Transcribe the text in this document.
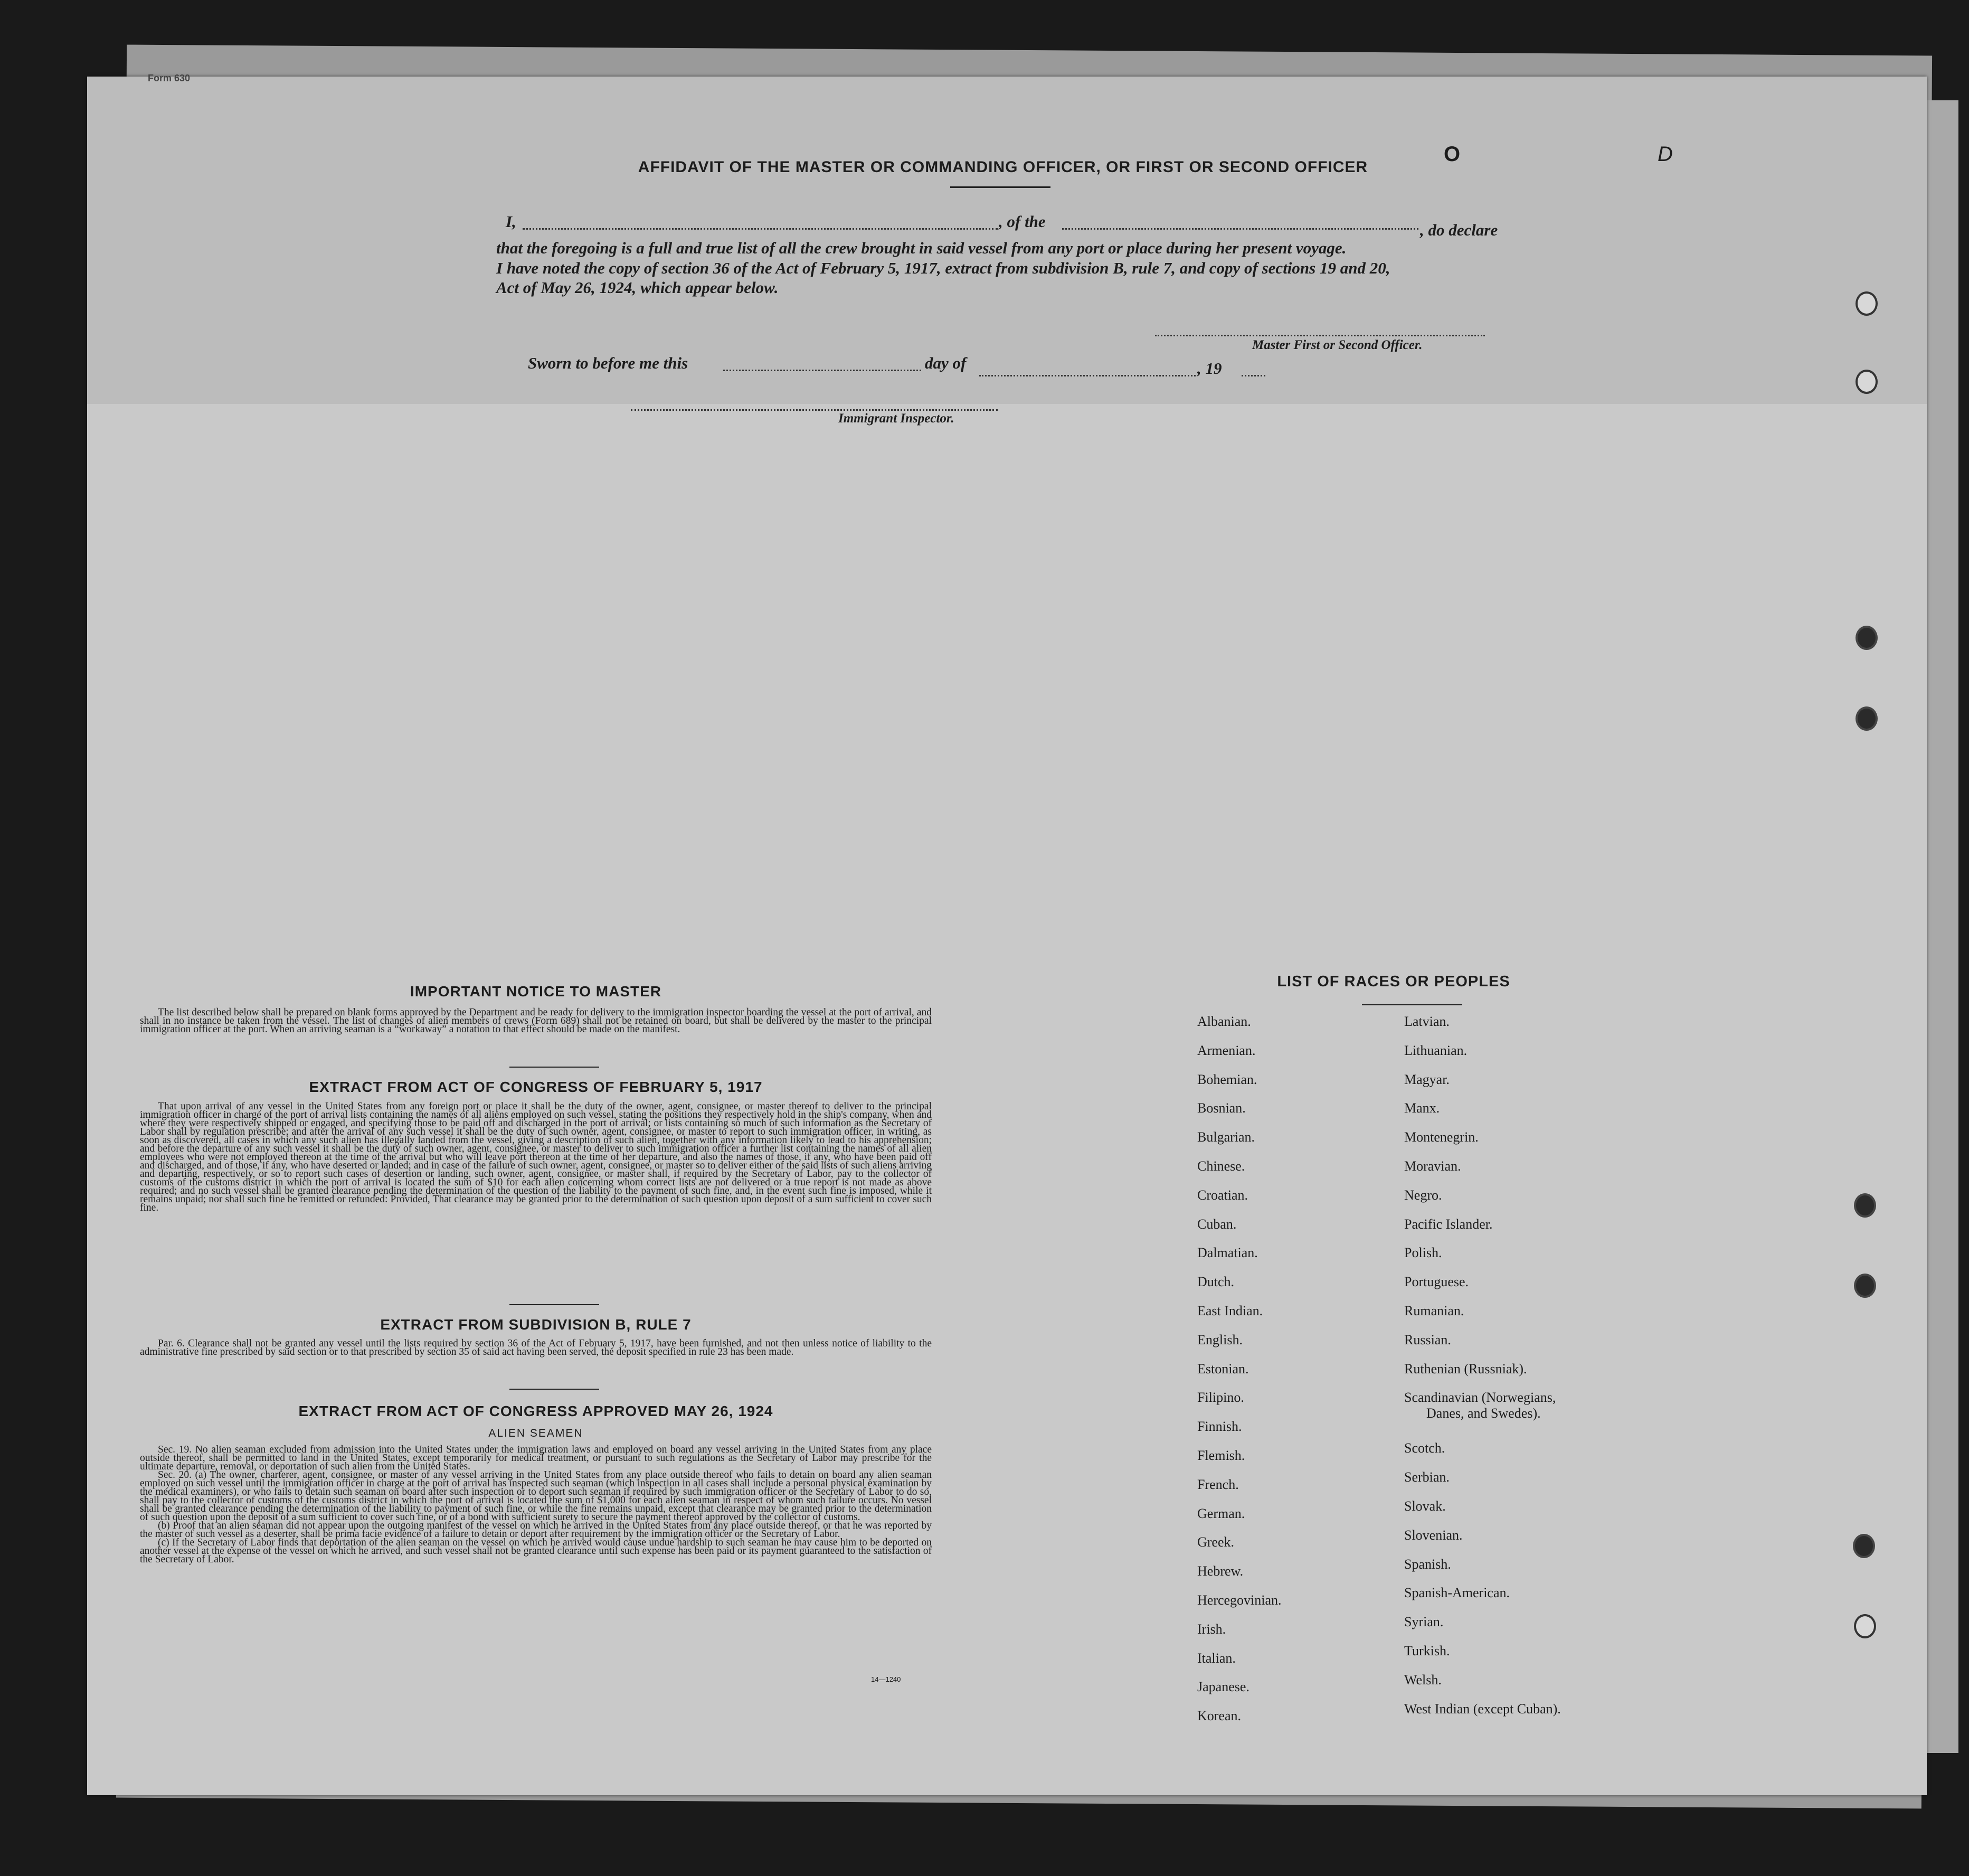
Form 630
O	D
AFFIDAVIT OF THE MASTER OR COMMANDING OFFICER, OR FIRST OR SECOND OFFICER
I,	, of the	, do declare
that the foregoing is a full and true list of all the crew brought in said vessel from any port or place during her present voyage.
I have noted the copy of section 36 of the Act of February 5, 1917, extract from subdivision B, rule 7, and copy of sections 19 and 20,
Act of May 26, 1924, which appear below.
Master First or Second Officer.
Sworn to before me this	day of	, 19
Immigrant Inspector.
IMPORTANT NOTICE TO MASTER

The list described below shall be prepared on blank forms approved by the Department and be ready for delivery to the immigration inspector boarding the vessel at the port of arrival, and shall in no instance be taken from the vessel. The list of changes of alien members of crews (Form 689) shall not be retained on board, but shall be delivered by the master to the principal immigration officer at the port. When an arriving seaman is a “workaway” a notation to that effect should be made on the manifest.

EXTRACT FROM ACT OF CONGRESS OF FEBRUARY 5, 1917

That upon arrival of any vessel in the United States from any foreign port or place it shall be the duty of the owner, agent, consignee, or master thereof to deliver to the principal immigration officer in charge of the port of arrival lists containing the names of all aliens employed on such vessel, stating the positions they respectively hold in the ship's company, when and where they were respectively shipped or engaged, and specifying those to be paid off and discharged in the port of arrival; or lists containing so much of such information as the Secretary of Labor shall by regulation prescribe; and after the arrival of any such vessel it shall be the duty of such owner, agent, consignee, or master to report to such immigration officer, in writing, as soon as discovered, all cases in which any such alien has illegally landed from the vessel, giving a description of such alien, together with any information likely to lead to his apprehension; and before the departure of any such vessel it shall be the duty of such owner, agent, consignee, or master to deliver to such immigration officer a further list containing the names of all alien employees who were not employed thereon at the time of the arrival but who will leave port thereon at the time of her departure, and also the names of those, if any, who have been paid off and discharged, and of those, if any, who have deserted or landed; and in case of the failure of such owner, agent, consignee, or master so to deliver either of the said lists of such aliens arriving and departing, respectively, or so to report such cases of desertion or landing, such owner, agent, consignee, or master shall, if required by the Secretary of Labor, pay to the collector of customs of the customs district in which the port of arrival is located the sum of $10 for each alien concerning whom correct lists are not delivered or a true report is not made as above required; and no such vessel shall be granted clearance pending the determination of the question of the liability to the payment of such fine, and, in the event such fine is imposed, while it remains unpaid; nor shall such fine be remitted or refunded: Provided, That clearance may be granted prior to the determination of such question upon deposit of a sum sufficient to cover such fine.

EXTRACT FROM SUBDIVISION B, RULE 7

Par. 6. Clearance shall not be granted any vessel until the lists required by section 36 of the Act of February 5, 1917, have been furnished, and not then unless notice of liability to the administrative fine prescribed by said section or to that prescribed by section 35 of said act having been served, the deposit specified in rule 23 has been made.

EXTRACT FROM ACT OF CONGRESS APPROVED MAY 26, 1924
ALIEN SEAMEN

Sec. 19. No alien seaman excluded from admission into the United States under the immigration laws and employed on board any vessel arriving in the United States from any place outside thereof, shall be permitted to land in the United States, except temporarily for medical treatment, or pursuant to such regulations as the Secretary of Labor may prescribe for the ultimate departure, removal, or deportation of such alien from the United States.

Sec. 20. (a) The owner, charterer, agent, consignee, or master of any vessel arriving in the United States from any place outside thereof who fails to detain on board any alien seaman employed on such vessel until the immigration officer in charge at the port of arrival has inspected such seaman (which inspection in all cases shall include a personal physical examination by the medical examiners), or who fails to detain such seaman on board after such inspection or to deport such seaman if required by such immigration officer or the Secretary of Labor to do so, shall pay to the collector of customs of the customs district in which the port of arrival is located the sum of $1,000 for each alien seaman in respect of whom such failure occurs. No vessel shall be granted clearance pending the determination of the liability to payment of such fine, or while the fine remains unpaid, except that clearance may be granted prior to the determination of such question upon the deposit of a sum sufficient to cover such fine, or of a bond with sufficient surety to secure the payment thereof approved by the collector of customs.

(b) Proof that an alien seaman did not appear upon the outgoing manifest of the vessel on which he arrived in the United States from any place outside thereof, or that he was reported by the master of such vessel as a deserter, shall be prima facie evidence of a failure to detain or deport after requirement by the immigration officer or the Secretary of Labor.

(c) If the Secretary of Labor finds that deportation of the alien seaman on the vessel on which he arrived would cause undue hardship to such seaman he may cause him to be deported on another vessel at the expense of the vessel on which he arrived, and such vessel shall not be granted clearance until such expense has been paid or its payment guaranteed to the satisfaction of the Secretary of Labor.

14—1240
LIST OF RACES OR PEOPLES
Albanian.
Armenian.
Bohemian.
Bosnian.
Bulgarian.
Chinese.
Croatian.
Cuban.
Dalmatian.
Dutch.
East Indian.
English.
Estonian.
Filipino.
Finnish.
Flemish.
French.
German.
Greek.
Hebrew.
Hercegovinian.
Irish.
Italian.
Japanese.
Korean.
Latvian.
Lithuanian.
Magyar.
Manx.
Montenegrin.
Moravian.
Negro.
Pacific Islander.
Polish.
Portuguese.
Rumanian.
Russian.
Ruthenian (Russniak).
Scandinavian (Norwegians,
Danes, and Swedes).
Scotch.
Serbian.
Slovak.
Slovenian.
Spanish.
Spanish-American.
Syrian.
Turkish.
Welsh.
West Indian (except Cuban).
